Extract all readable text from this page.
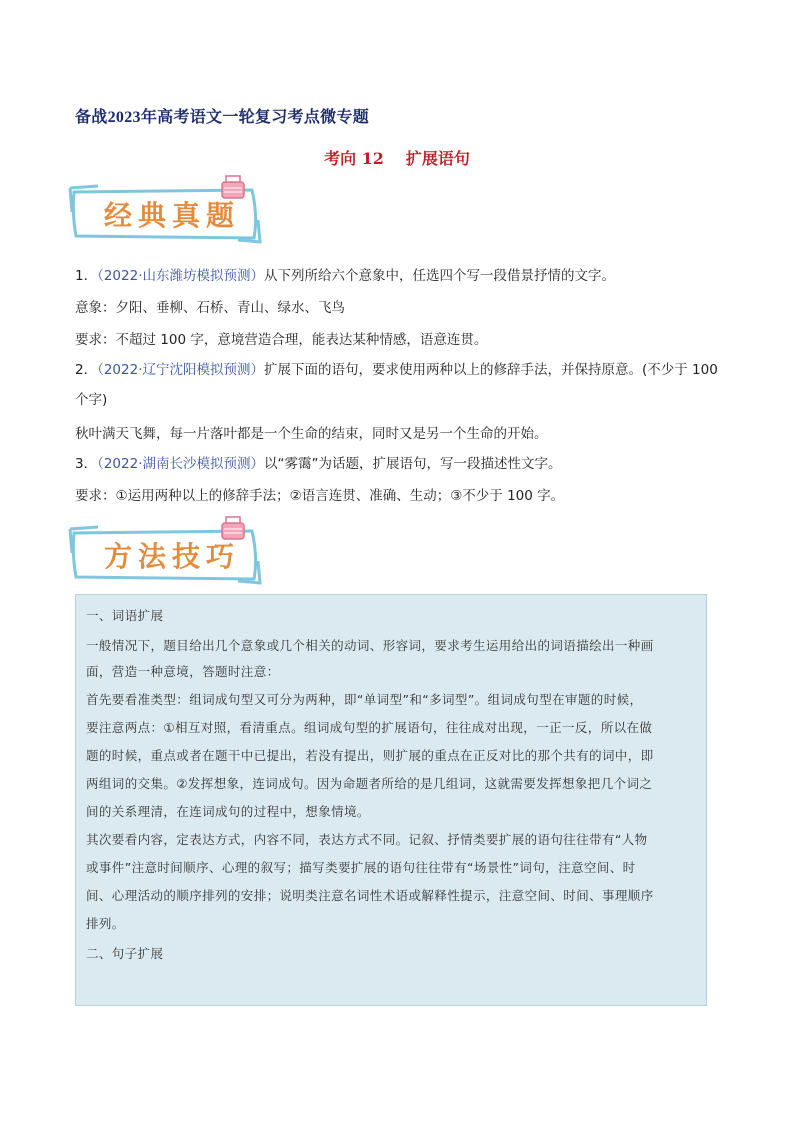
备战2023年高考语文一轮复习考点微专题
考向 12 扩展语句
经典真题
1．（2022·山东潍坊模拟预测）从下列所给六个意象中，任选四个写一段借景抒情的文字。
意象：夕阳、垂柳、石桥、青山、绿水、飞鸟
要求：不超过 100 字，意境营造合理，能表达某种情感，语意连贯。
2．（2022·辽宁沈阳模拟预测）扩展下面的语句，要求使用两种以上的修辞手法，并保持原意。(不少于 100
个字)
秋叶满天飞舞，每一片落叶都是一个生命的结束，同时又是另一个生命的开始。
3．（2022·湖南长沙模拟预测）以“雾霭”为话题，扩展语句，写一段描述性文字。
要求：①运用两种以上的修辞手法；②语言连贯、准确、生动；③不少于 100 字。
方法技巧
一、词语扩展
一般情况下，题目给出几个意象或几个相关的动词、形容词，要求考生运用给出的词语描绘出一种画
面，营造一种意境，答题时注意：
首先要看准类型：组词成句型又可分为两种，即“单词型”和“多词型”。组词成句型在审题的时候，
要注意两点：①相互对照，看清重点。组词成句型的扩展语句，往往成对出现，一正一反，所以在做
题的时候，重点或者在题干中已提出，若没有提出，则扩展的重点在正反对比的那个共有的词中，即
两组词的交集。②发挥想象，连词成句。因为命题者所给的是几组词，这就需要发挥想象把几个词之
间的关系理清，在连词成句的过程中，想象情境。
其次要看内容，定表达方式，内容不同，表达方式不同。记叙、抒情类要扩展的语句往往带有“人物
或事件”注意时间顺序、心理的叙写；描写类要扩展的语句往往带有“场景性”词句，注意空间、时
间、心理活动的顺序排列的安排；说明类注意名词性术语或解释性提示，注意空间、时间、事理顺序
排列。
二、句子扩展
